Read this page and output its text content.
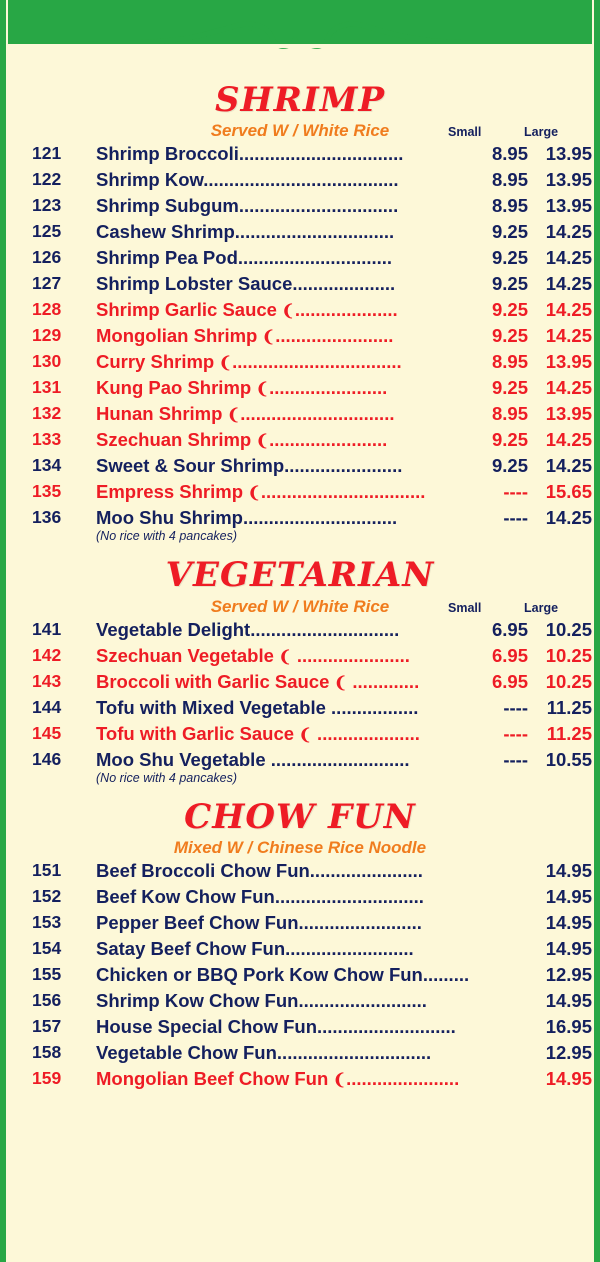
SHRIMP
Served W / White Rice	Small	Large
121	Shrimp Broccoli................................	8.95 13.95
122	Shrimp Kow......................................	8.95 13.95
123	Shrimp Subgum...............................	8.95 13.95
125	Cashew Shrimp...............................	9.25 14.25
126	Shrimp Pea Pod..............................	9.25 14.25
127	Shrimp Lobster Sauce....................	9.25 14.25
128	Shrimp Garlic Sauce ❨....................	9.25 14.25
129	Mongolian Shrimp ❨.......................	9.25 14.25
130	Curry Shrimp ❨.................................	8.95 13.95
131	Kung Pao Shrimp ❨.......................	9.25 14.25
132	Hunan Shrimp ❨..............................	8.95 13.95
133	Szechuan Shrimp ❨.......................	9.25 14.25
134	Sweet & Sour Shrimp.......................	9.25 14.25
135	Empress Shrimp ❨................................	---- 15.65
136	Moo Shu Shrimp..............................	---- 14.25
(No rice with 4 pancakes)
VEGETARIAN
Served W / White Rice	Small	Large
141	Vegetable Delight.............................	6.95 10.25
142	Szechuan Vegetable ❨ ......................	6.95 10.25
143	Broccoli with Garlic Sauce ❨ .............	6.95 10.25
144	Tofu with Mixed Vegetable .................	----	11.25
145	Tofu with Garlic Sauce ❨ ....................	----	11.25
146	Moo Shu Vegetable ...........................	---- 10.55
(No rice with 4 pancakes)
CHOW FUN
Mixed W / Chinese Rice Noodle
151	Beef Broccoli Chow Fun......................	14.95
152	Beef Kow Chow Fun.............................	14.95
153	Pepper Beef Chow Fun........................	14.95
154	Satay Beef Chow Fun.........................	14.95
155	Chicken or BBQ Pork Kow Chow Fun.........	12.95
156	Shrimp Kow Chow Fun.........................	14.95
157	House Special Chow Fun...........................	16.95
158	Vegetable Chow Fun..............................	12.95
159	Mongolian Beef Chow Fun ❨......................	14.95
